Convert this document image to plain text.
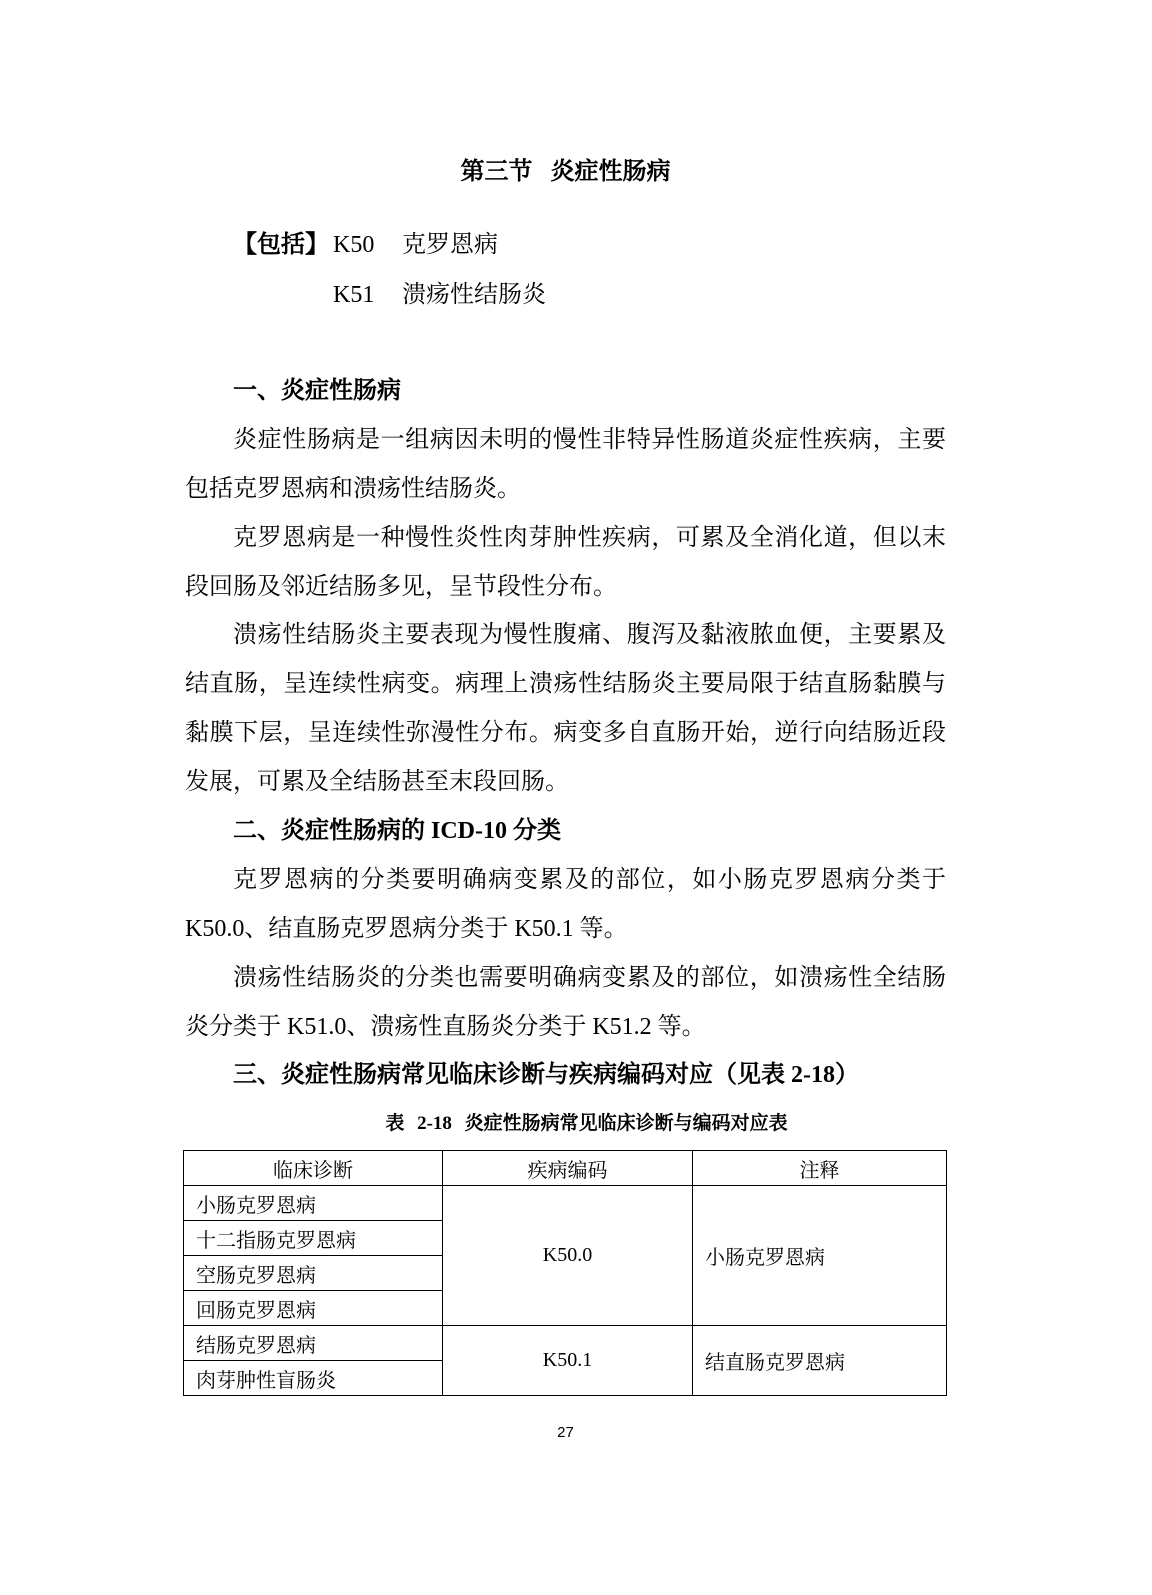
第三节 炎症性肠病
【包括】 K50	克罗恩病
K51	溃疡性结肠炎
一、炎症性肠病
炎症性肠病是一组病因未明的慢性非特异性肠道炎症性疾病，主要
包括克罗恩病和溃疡性结肠炎。
克罗恩病是一种慢性炎性肉芽肿性疾病，可累及全消化道，但以末
段回肠及邻近结肠多见，呈节段性分布。
溃疡性结肠炎主要表现为慢性腹痛、腹泻及黏液脓血便，主要累及
结直肠，呈连续性病变。病理上溃疡性结肠炎主要局限于结直肠黏膜与
黏膜下层，呈连续性弥漫性分布。病变多自直肠开始，逆行向结肠近段
发展，可累及全结肠甚至末段回肠。
二、炎症性肠病的 ICD-10 分类
克罗恩病的分类要明确病变累及的部位，如小肠克罗恩病分类于
K50.0、结直肠克罗恩病分类于 K50.1 等。
溃疡性结肠炎的分类也需要明确病变累及的部位，如溃疡性全结肠
炎分类于 K51.0、溃疡性直肠炎分类于 K51.2 等。
三、炎症性肠病常见临床诊断与疾病编码对应（见表 2-18）
表 2-18 炎症性肠病常见临床诊断与编码对应表
临床诊断	疾病编码	注释
小肠克罗恩病	K50.0	小肠克罗恩病
十二指肠克罗恩病		
空肠克罗恩病		
回肠克罗恩病		
结肠克罗恩病	K50.1	结直肠克罗恩病
肉芽肿性盲肠炎		
27
